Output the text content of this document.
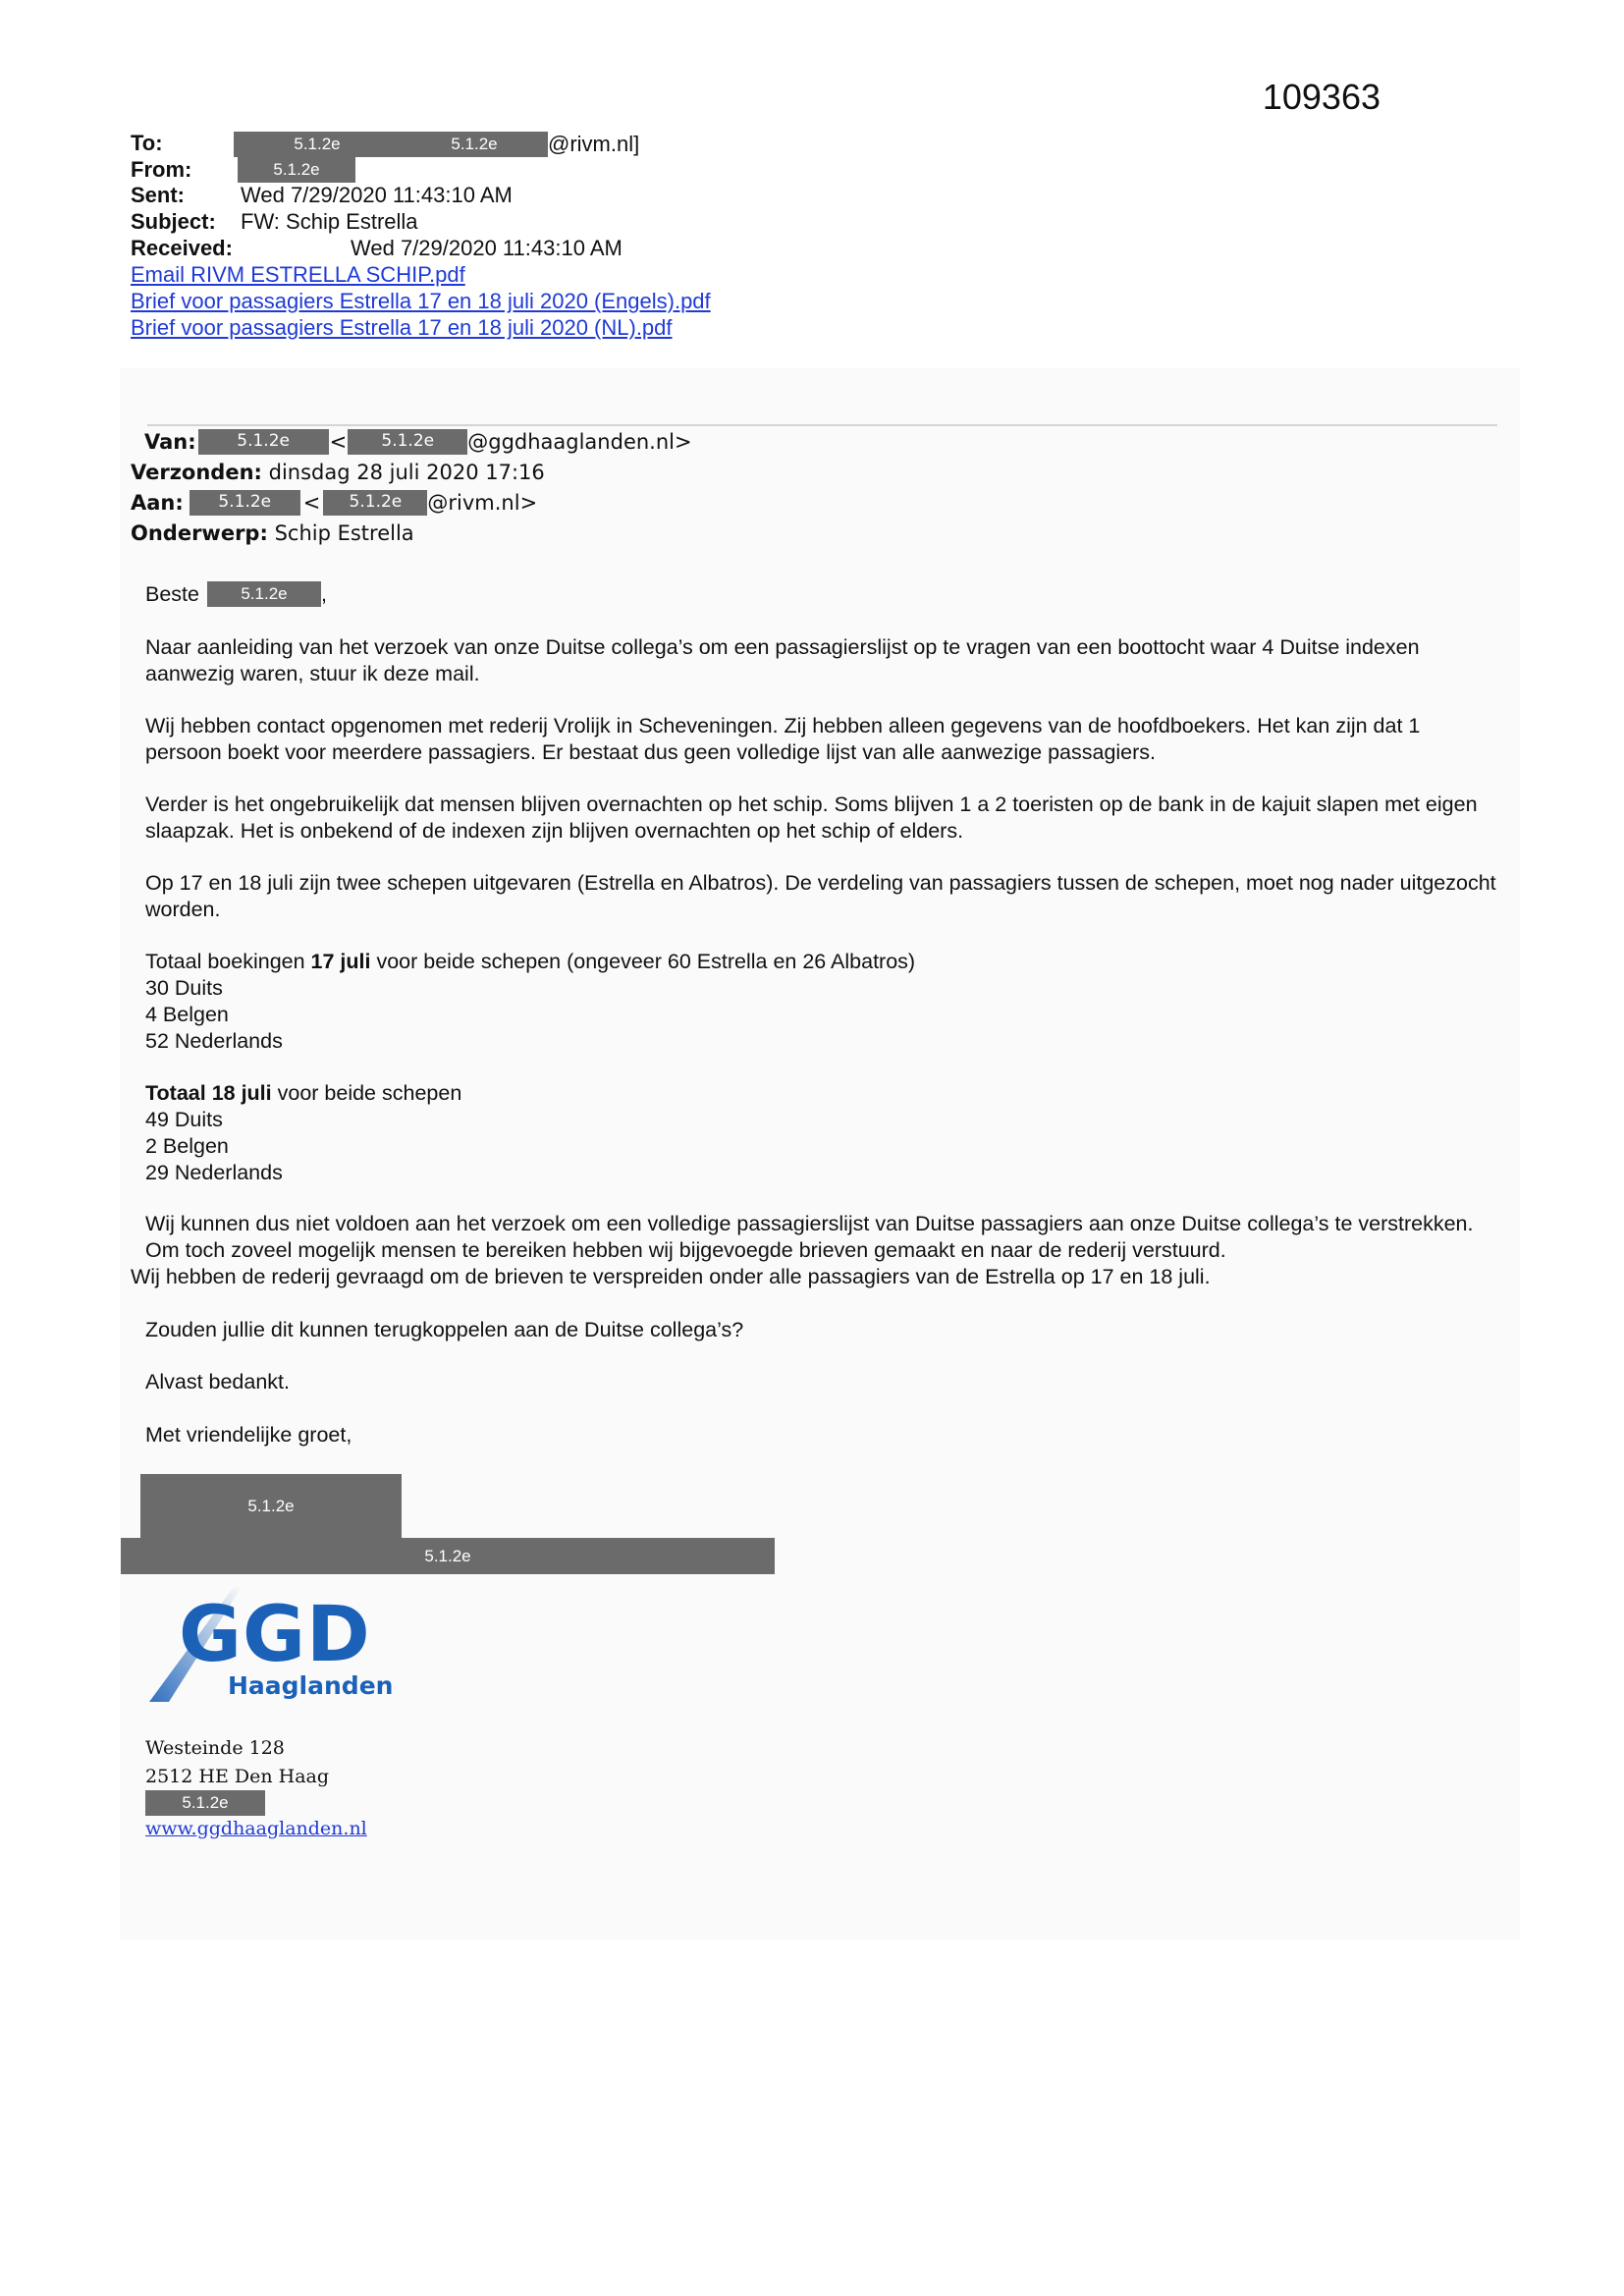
109363
To:	5.1.2e	5.1.2e	@rivm.nl]
From:	5.1.2e
Sent:	Wed 7/29/2020 11:43:10 AM
Subject: FW: Schip Estrella
Received:	Wed 7/29/2020 11:43:10 AM
Email RIVM ESTRELLA SCHIP.pdf
Brief voor passagiers Estrella 17 en 18 juli 2020 (Engels).pdf
Brief voor passagiers Estrella 17 en 18 juli 2020 (NL).pdf
Van:	5.1.2e	<	5.1.2e	@ggdhaaglanden.nl>
Verzonden: dinsdag 28 juli 2020 17:16
Aan:	5.1.2e	<	5.1.2e	@rivm.nl>
Onderwerp: Schip Estrella
Beste	5.1.2e	,

Naar aanleiding van het verzoek van onze Duitse collega’s om een passagierslijst op te vragen van een boottocht waar 4 Duitse indexen aanwezig waren, stuur ik deze mail.

Wij hebben contact opgenomen met rederij Vrolijk in Scheveningen. Zij hebben alleen gegevens van de hoofdboekers. Het kan zijn dat 1 persoon boekt voor meerdere passagiers. Er bestaat dus geen volledige lijst van alle aanwezige passagiers.

Verder is het ongebruikelijk dat mensen blijven overnachten op het schip. Soms blijven 1 a 2 toeristen op de bank in de kajuit slapen met eigen slaapzak. Het is onbekend of de indexen zijn blijven overnachten op het schip of elders.

Op 17 en 18 juli zijn twee schepen uitgevaren (Estrella en Albatros). De verdeling van passagiers tussen de schepen, moet nog nader uitgezocht worden.

Totaal boekingen 17 juli voor beide schepen (ongeveer 60 Estrella en 26 Albatros)

30 Duits

4 Belgen

52 Nederlands

Totaal 18 juli voor beide schepen

49 Duits

2 Belgen

29 Nederlands

Wij kunnen dus niet voldoen aan het verzoek om een volledige passagierslijst van Duitse passagiers aan onze Duitse collega’s te verstrekken. Om toch zoveel mogelijk mensen te bereiken hebben wij bijgevoegde brieven gemaakt en naar de rederij verstuurd.

Wij hebben de rederij gevraagd om de brieven te verspreiden onder alle passagiers van de Estrella op 17 en 18 juli.

Zouden jullie dit kunnen terugkoppelen aan de Duitse collega’s?

Alvast bedankt.

Met vriendelijke groet,

5.1.2e
5.1.2e
GGD
Haaglanden
Westeinde 128
2512 HE Den Haag
5.1.2e
www.ggdhaaglanden.nl
